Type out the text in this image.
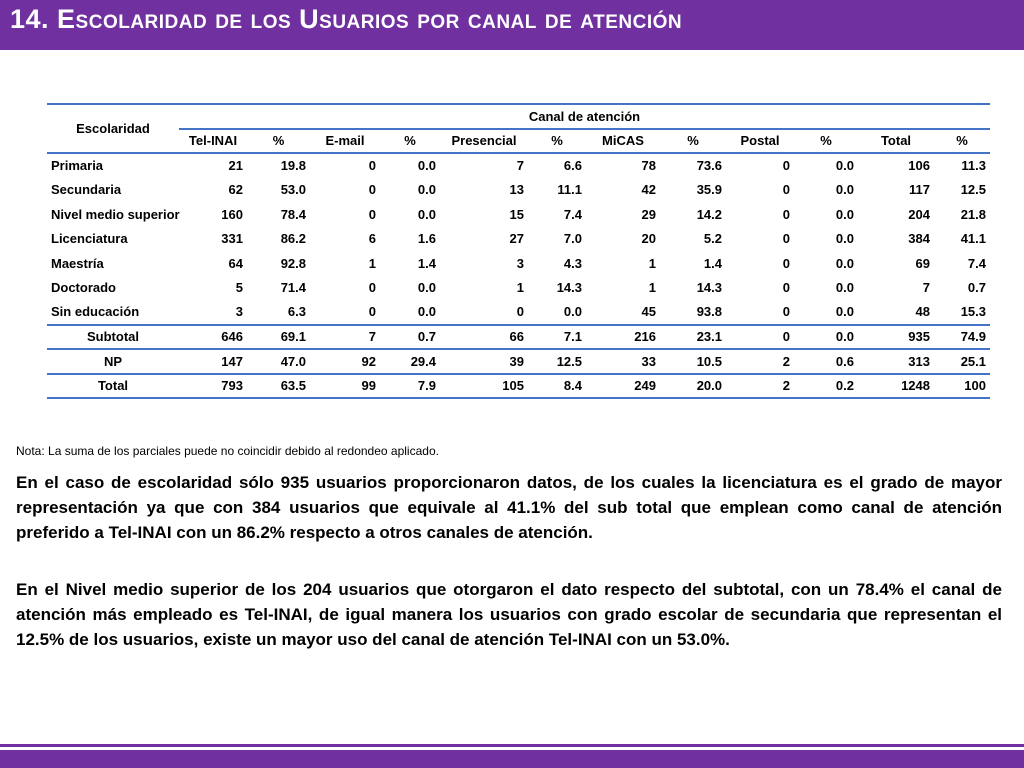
14. Escolaridad de los Usuarios por canal de atención
Escolaridad	Canal de atención											
	Tel-INAI	%	E-mail	%	Presencial	%	MiCAS	%	Postal	%	Total	%
Primaria	21	19.8	0	0.0	7	6.6	78	73.6	0	0.0	106	11.3
Secundaria	62	53.0	0	0.0	13	11.1	42	35.9	0	0.0	117	12.5
Nivel medio superior	160	78.4	0	0.0	15	7.4	29	14.2	0	0.0	204	21.8
Licenciatura	331	86.2	6	1.6	27	7.0	20	5.2	0	0.0	384	41.1
Maestría	64	92.8	1	1.4	3	4.3	1	1.4	0	0.0	69	7.4
Doctorado	5	71.4	0	0.0	1	14.3	1	14.3	0	0.0	7	0.7
Sin educación	3	6.3	0	0.0	0	0.0	45	93.8	0	0.0	48	15.3
Subtotal	646	69.1	7	0.7	66	7.1	216	23.1	0	0.0	935	74.9
NP	147	47.0	92	29.4	39	12.5	33	10.5	2	0.6	313	25.1
Total	793	63.5	99	7.9	105	8.4	249	20.0	2	0.2	1248	100
Nota: La suma de los parciales puede no coincidir debido al redondeo aplicado.

En el caso de escolaridad sólo 935 usuarios proporcionaron datos, de los cuales la licenciatura es el grado de mayor representación ya que con 384 usuarios que equivale al 41.1% del sub total que emplean como canal de atención preferido a Tel-INAI con un 86.2% respecto a otros canales de atención.

En el Nivel medio superior de los 204 usuarios que otorgaron el dato respecto del subtotal, con un 78.4% el canal de atención más empleado es Tel-INAI, de igual manera los usuarios con grado escolar de secundaria que representan el 12.5% de los usuarios, existe un mayor uso del canal de atención Tel-INAI con un 53.0%.
